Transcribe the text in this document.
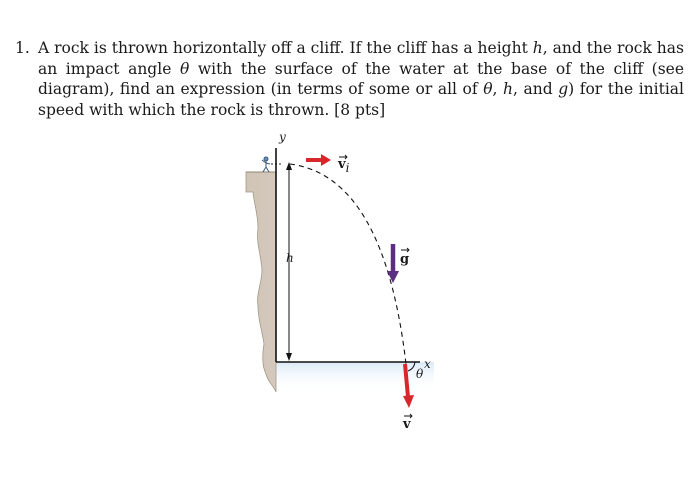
1. A rock is thrown horizontally off a cliff. If the cliff has a height h, and the rock has an impact angle θ with the surface of the water at the base of the cliff (see diagram), find an expression (in terms of some or all of θ, h, and g) for the initial speed with which the rock is thrown. [8 pts]
y
x
h
vi
g
θ
v
